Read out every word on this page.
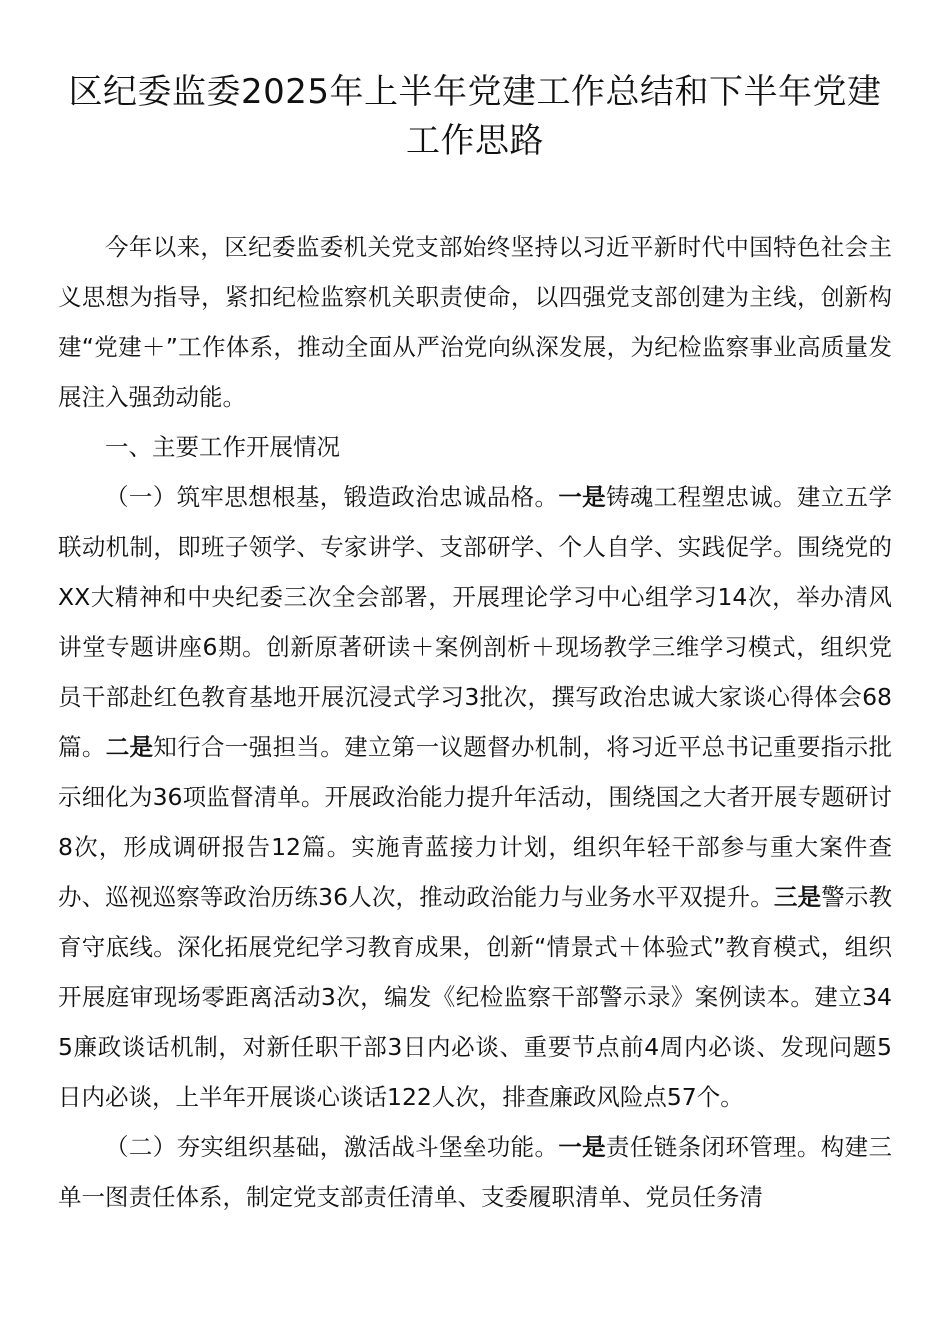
区纪委监委2025年上半年党建工作总结和下半年党建工作思路

今年以来，区纪委监委机关党支部始终坚持以习近平新时代中国特色社会主义思想为指导，紧扣纪检监察机关职责使命，以四强党支部创建为主线，创新构建“党建＋”工作体系，推动全面从严治党向纵深发展，为纪检监察事业高质量发展注入强劲动能。

一、主要工作开展情况

（一）筑牢思想根基，锻造政治忠诚品格。一是铸魂工程塑忠诚。建立五学联动机制，即班子领学、专家讲学、支部研学、个人自学、实践促学。围绕党的XX大精神和中央纪委三次全会部署，开展理论学习中心组学习14次，举办清风讲堂专题讲座6期。创新原著研读＋案例剖析＋现场教学三维学习模式，组织党员干部赴红色教育基地开展沉浸式学习3批次，撰写政治忠诚大家谈心得体会68篇。二是知行合一强担当。建立第一议题督办机制，将习近平总书记重要指示批示细化为36项监督清单。开展政治能力提升年活动，围绕国之大者开展专题研讨8次，形成调研报告12篇。实施青蓝接力计划，组织年轻干部参与重大案件查办、巡视巡察等政治历练36人次，推动政治能力与业务水平双提升。三是警示教育守底线。深化拓展党纪学习教育成果，创新“情景式＋体验式”教育模式，组织开展庭审现场零距离活动3次，编发《纪检监察干部警示录》案例读本。建立345廉政谈话机制，对新任职干部3日内必谈、重要节点前4周内必谈、发现问题5日内必谈，上半年开展谈心谈话122人次，排查廉政风险点57个。

（二）夯实组织基础，激活战斗堡垒功能。一是责任链条闭环管理。构建三单一图责任体系，制定党支部责任清单、支委履职清单、党员任务清
